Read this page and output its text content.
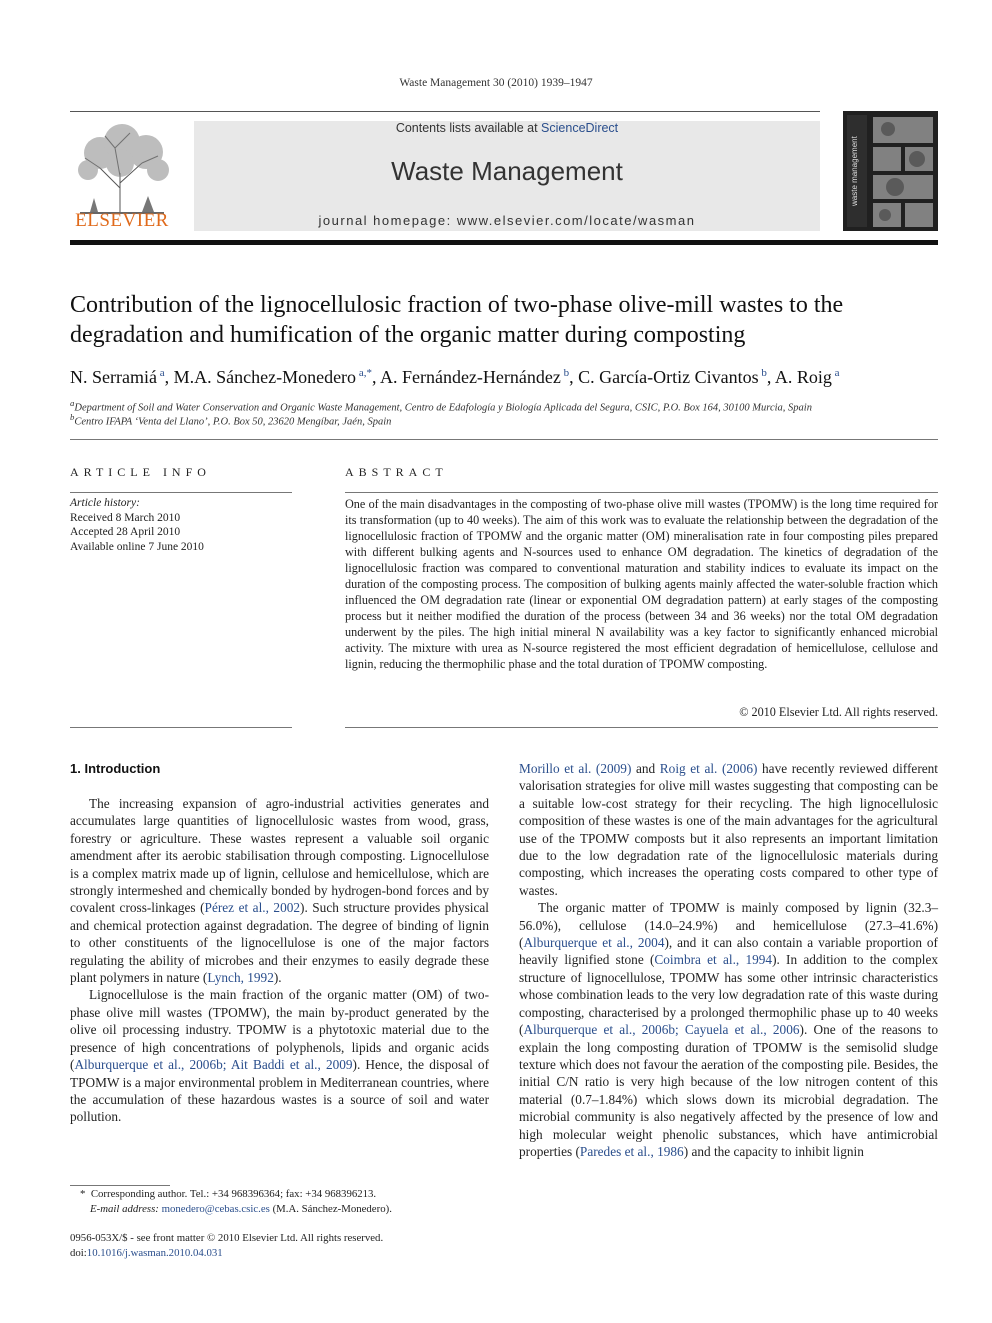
Waste Management 30 (2010) 1939–1947
ELSEVIER
Contents lists available at ScienceDirect
Waste Management
journal homepage: www.elsevier.com/locate/wasman
waste management
Contribution of the lignocellulosic fraction of two-phase olive-mill wastes to the degradation and humification of the organic matter during composting
N. Serramiá $^a$, M.A. Sánchez-Monedero $^{a,*}$, A. Fernández-Hernández $^b$, C. García-Ortiz Civantos $^b$, A. Roig $^a$
$^a$Department of Soil and Water Conservation and Organic Waste Management, Centro de Edafología y Biología Aplicada del Segura, CSIC, P.O. Box 164, 30100 Murcia, Spain
$^b$Centro IFAPA ‘Venta del Llano’, P.O. Box 50, 23620 Mengíbar, Jaén, Spain
ARTICLE INFO
Article history:
Received 8 March 2010
Accepted 28 April 2010
Available online 7 June 2010
ABSTRACT
One of the main disadvantages in the composting of two-phase olive mill wastes (TPOMW) is the long time required for its transformation (up to 40 weeks). The aim of this work was to evaluate the relationship between the degradation of the lignocellulosic fraction of TPOMW and the organic matter (OM) mineralisation rate in four composting piles prepared with different bulking agents and N-sources used to enhance OM degradation. The kinetics of degradation of the lignocellulosic fraction was compared to conventional maturation and stability indices to evaluate its impact on the duration of the composting process. The composition of bulking agents mainly affected the water-soluble fraction which influenced the OM degradation rate (linear or exponential OM degradation pattern) at early stages of the composting process but it neither modified the duration of the process (between 34 and 36 weeks) nor the total OM degradation underwent by the piles. The high initial mineral N availability was a key factor to significantly enhanced microbial activity. The mixture with urea as N-source registered the most efficient degradation of hemicellulose, cellulose and lignin, reducing the thermophilic phase and the total duration of TPOMW composting.
© 2010 Elsevier Ltd. All rights reserved.
1. Introduction

The increasing expansion of agro-industrial activities generates and accumulates large quantities of lignocellulosic wastes from wood, grass, forestry or agriculture. These wastes represent a valuable soil organic amendment after its aerobic stabilisation through composting. Lignocellulose is a complex matrix made up of lignin, cellulose and hemicellulose, which are strongly intermeshed and chemically bonded by hydrogen-bond forces and by covalent cross-linkages (Pérez et al., 2002). Such structure provides physical and chemical protection against degradation. The degree of binding of lignin to other constituents of the lignocellulose is one of the major factors regulating the ability of microbes and their enzymes to easily degrade these plant polymers in nature (Lynch, 1992).

Lignocellulose is the main fraction of the organic matter (OM) of two-phase olive mill wastes (TPOMW), the main by-product generated by the olive oil processing industry. TPOMW is a phytotoxic material due to the presence of high concentrations of polyphenols, lipids and organic acids (Alburquerque et al., 2006b; Ait Baddi et al., 2009). Hence, the disposal of TPOMW is a major environmental problem in Mediterranean countries, where the accumulation of these hazardous wastes is a source of soil and water pollution.

Morillo et al. (2009) and Roig et al. (2006) have recently reviewed different valorisation strategies for olive mill wastes suggesting that composting can be a suitable low-cost strategy for their recycling. The high lignocellulosic composition of these wastes is one of the main advantages for the agricultural use of the TPOMW composts but it also represents an important limitation due to the low degradation rate of the lignocellulosic materials during composting, which increases the operating costs compared to other type of wastes.

The organic matter of TPOMW is mainly composed by lignin (32.3–56.0%), cellulose (14.0–24.9%) and hemicellulose (27.3–41.6%) (Alburquerque et al., 2004), and it can also contain a variable proportion of heavily lignified stone (Coimbra et al., 1994). In addition to the complex structure of lignocellulose, TPOMW has some other intrinsic characteristics whose combination leads to the very low degradation rate of this waste during composting, characterised by a prolonged thermophilic phase up to 40 weeks (Alburquerque et al., 2006b; Cayuela et al., 2006). One of the reasons to explain the long composting duration of TPOMW is the semisolid sludge texture which does not favour the aeration of the composting pile. Besides, the initial C/N ratio is very high because of the low nitrogen content of this material (0.7–1.84%) which slows down its microbial degradation. The microbial community is also negatively affected by the presence of low and high molecular weight phenolic substances, which have antimicrobial properties (Paredes et al., 1986) and the capacity to inhibit lignin

* Corresponding author. Tel.: +34 968396364; fax: +34 968396213.
E-mail address: monedero@cebas.csic.es (M.A. Sánchez-Monedero).
0956-053X/$ - see front matter © 2010 Elsevier Ltd. All rights reserved.
doi:10.1016/j.wasman.2010.04.031
